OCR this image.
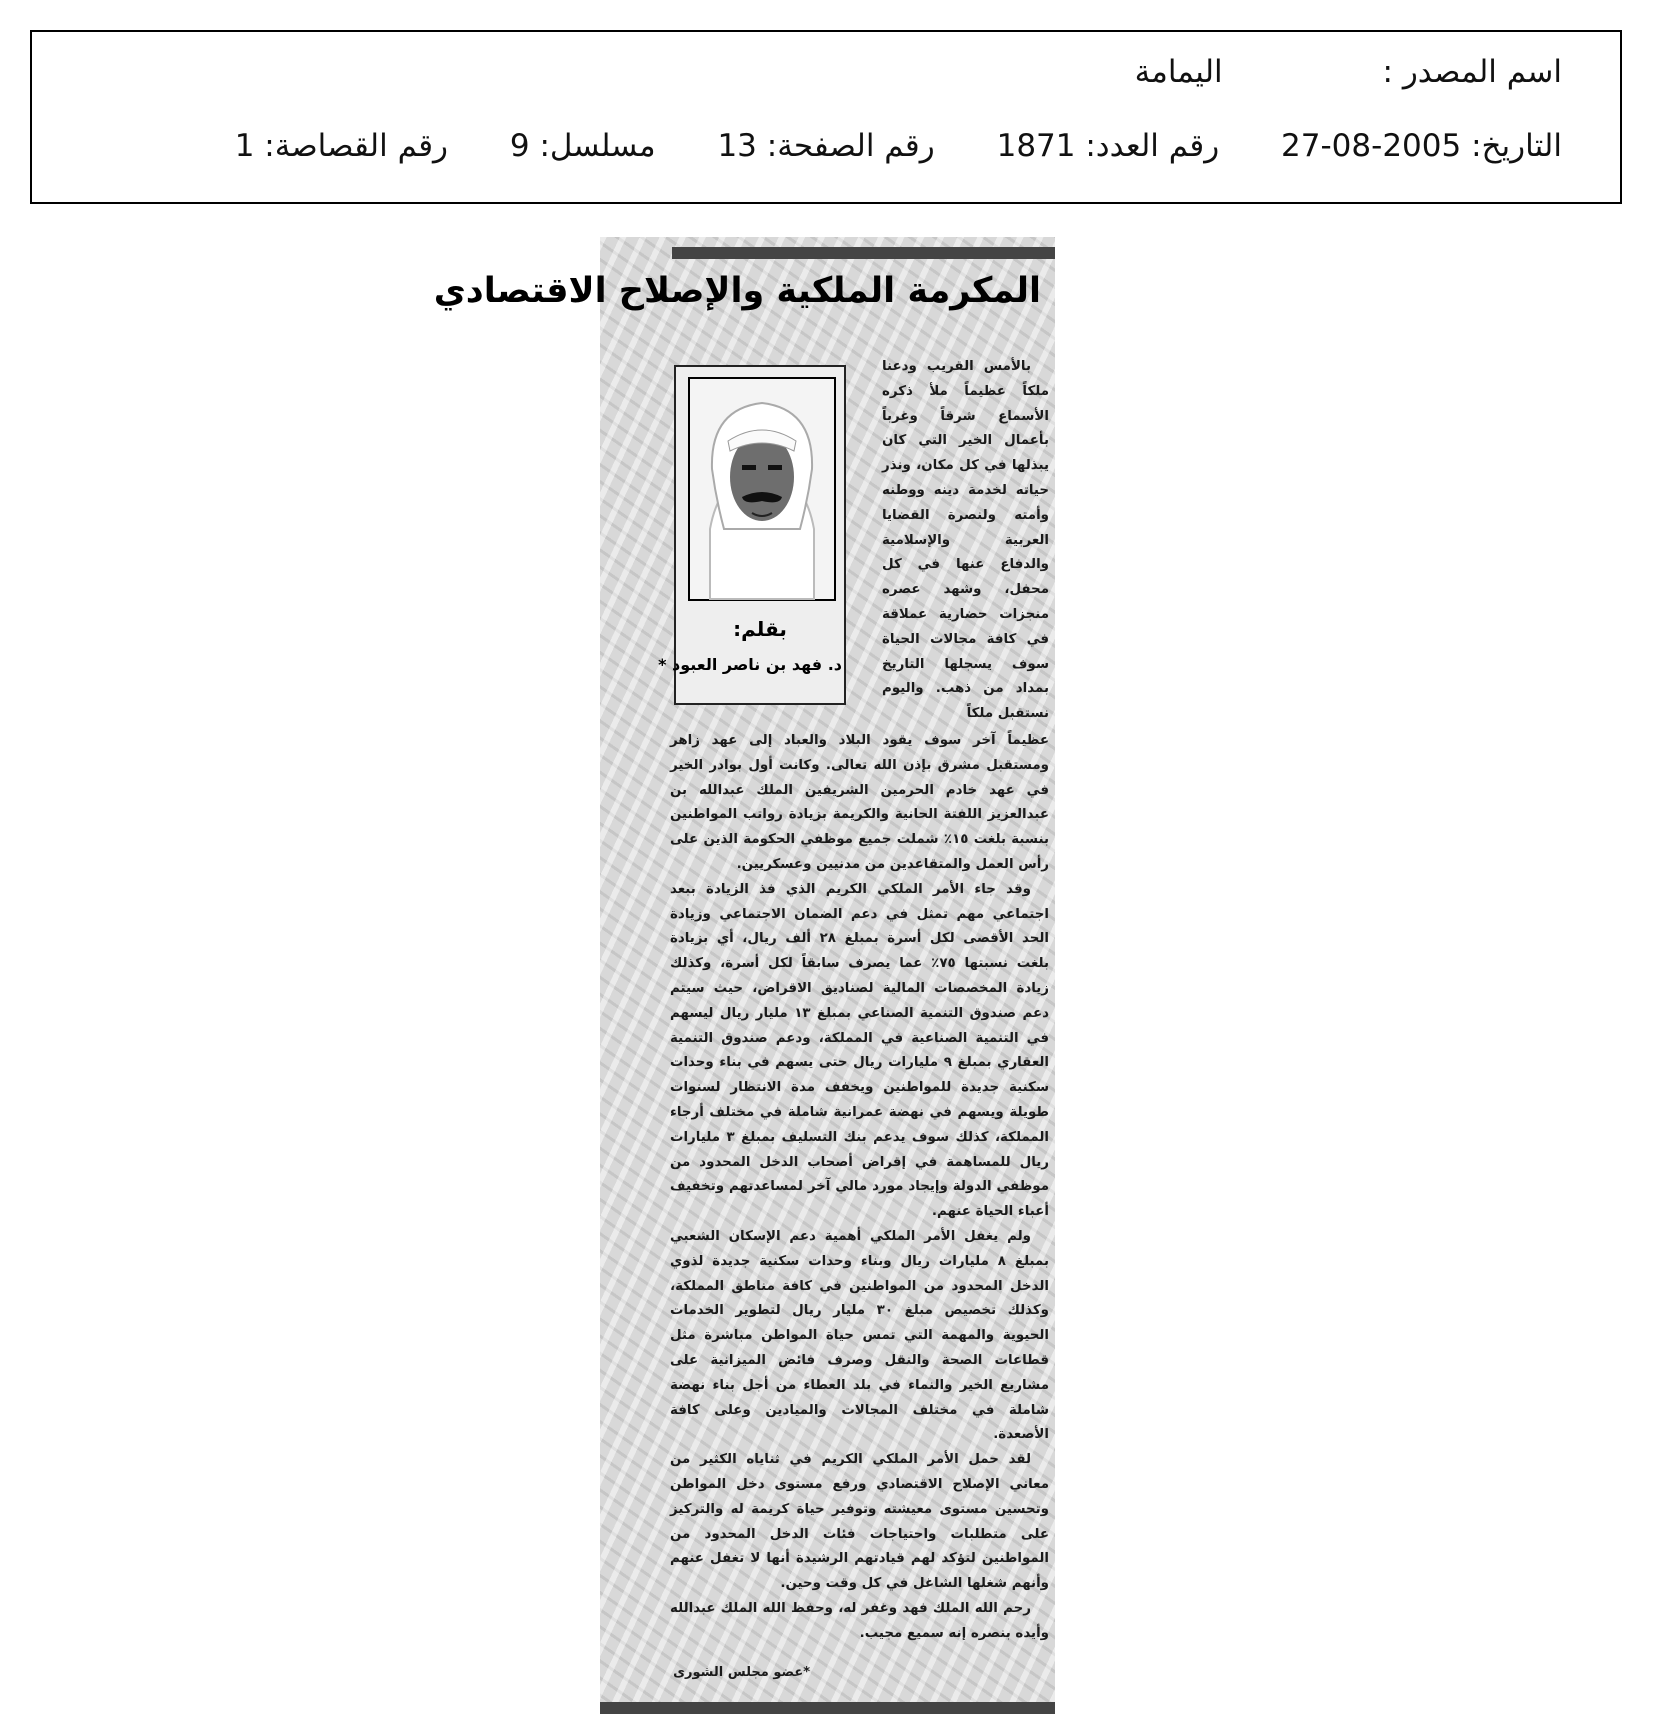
اسم المصدر : اليمامة
التاريخ: 2005-08-27 رقم العدد: 1871 رقم الصفحة: 13 مسلسل: 9 رقم القصاصة: 1
المكرمة الملكية والإصلاح الاقتصادي
بقلم:
د. فهد بن ناصر العبود *

بالأمس القريب ودعنا ملكاً عظيماً ملأ ذكره الأسماع شرقاً وغرباً بأعمال الخير التي كان يبذلها في كل مكان، ونذر حياته لخدمة دينه ووطنه وأمته ولنصرة القضايا العربية والإسلامية والدفاع عنها في كل محفل، وشهد عصره منجزات حضارية عملاقة في كافة مجالات الحياة سوف يسجلها التاريخ بمداد من ذهب. واليوم نستقبل ملكاً

عظيماً آخر سوف يقود البلاد والعباد إلى عهد زاهر ومستقبل مشرق بإذن الله تعالى. وكانت أول بوادر الخير في عهد خادم الحرمين الشريفين الملك عبدالله بن عبدالعزيز اللفتة الحانية والكريمة بزيادة رواتب المواطنين بنسبة بلغت ١٥٪ شملت جميع موظفي الحكومة الذين على رأس العمل والمتقاعدين من مدنيين وعسكريين.

وقد جاء الأمر الملكي الكريم الذي فذ الزيادة ببعد اجتماعي مهم تمثل في دعم الضمان الاجتماعي وزيادة الحد الأقصى لكل أسرة بمبلغ ٢٨ ألف ريال، أي بزيادة بلغت نسبتها ٧٥٪ عما يصرف سابقاً لكل أسرة، وكذلك زيادة المخصصات المالية لصناديق الاقراض، حيث سيتم دعم صندوق التنمية الصناعي بمبلغ ١٣ مليار ريال ليسهم في التنمية الصناعية في المملكة، ودعم صندوق التنمية العقاري بمبلغ ٩ مليارات ريال حتى يسهم في بناء وحدات سكنية جديدة للمواطنين ويخفف مدة الانتظار لسنوات طويلة ويسهم في نهضة عمرانية شاملة في مختلف أرجاء المملكة، كذلك سوف يدعم بنك التسليف بمبلغ ٣ مليارات ريال للمساهمة في إقراض أصحاب الدخل المحدود من موظفي الدولة وإيجاد مورد مالي آخر لمساعدتهم وتخفيف أعباء الحياة عنهم.

ولم يغفل الأمر الملكي أهمية دعم الإسكان الشعبي بمبلغ ٨ مليارات ريال وبناء وحدات سكنية جديدة لذوي الدخل المحدود من المواطنين في كافة مناطق المملكة، وكذلك تخصيص مبلغ ٣٠ مليار ريال لتطوير الخدمات الحيوية والمهمة التي تمس حياة المواطن مباشرة مثل قطاعات الصحة والنقل وصرف فائض الميزانية على مشاريع الخير والنماء في بلد العطاء من أجل بناء نهضة شاملة في مختلف المجالات والميادين وعلى كافة الأصعدة.

لقد حمل الأمر الملكي الكريم في ثناياه الكثير من معاني الإصلاح الاقتصادي ورفع مستوى دخل المواطن وتحسين مستوى معيشته وتوفير حياة كريمة له والتركيز على متطلبات واحتياجات فئات الدخل المحدود من المواطنين لتؤكد لهم قيادتهم الرشيدة أنها لا تغفل عنهم وأنهم شغلها الشاغل في كل وقت وحين.

رحم الله الملك فهد وغفر له، وحفظ الله الملك عبدالله وأيده بنصره إنه سميع مجيب.

*عضو مجلس الشورى
